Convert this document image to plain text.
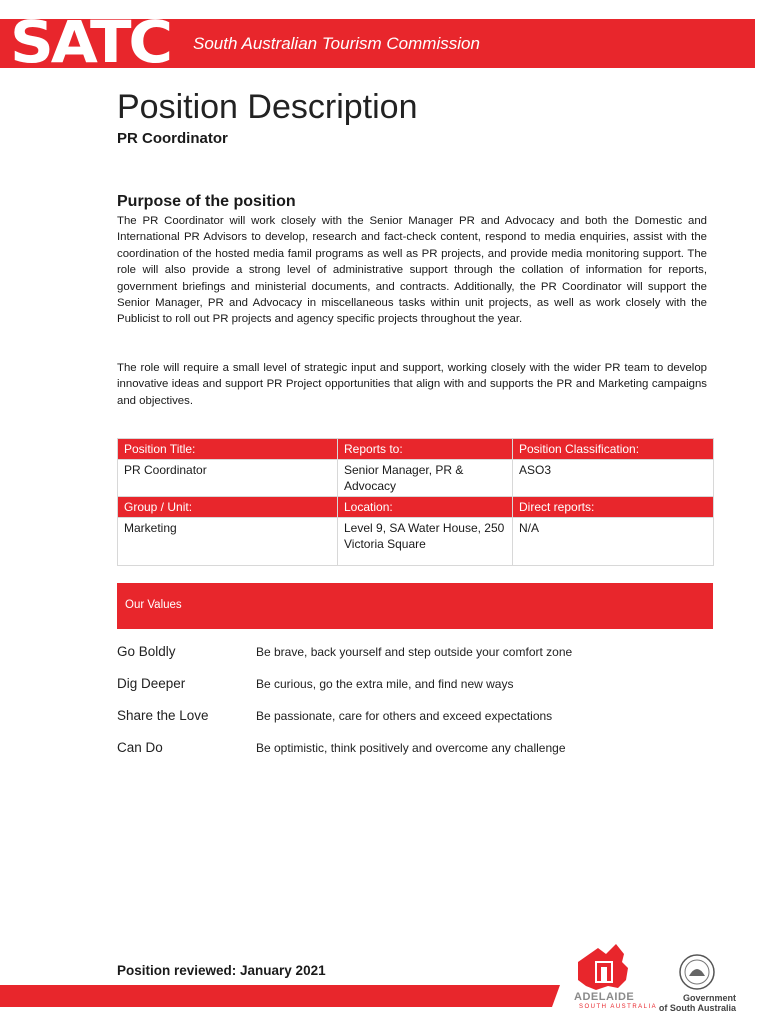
SATC South Australian Tourism Commission
Position Description
PR Coordinator
Purpose of the position

The PR Coordinator will work closely with the Senior Manager PR and Advocacy and both the Domestic and International PR Advisors to develop, research and fact-check content, respond to media enquiries, assist with the coordination of the hosted media famil programs as well as PR projects, and provide media monitoring support. The role will also provide a strong level of administrative support through the collation of information for reports, government briefings and ministerial documents, and contracts. Additionally, the PR Coordinator will support the Senior Manager, PR and Advocacy in miscellaneous tasks within unit projects, as well as work closely with the Publicist to roll out PR projects and agency specific projects throughout the year.

The role will require a small level of strategic input and support, working closely with the wider PR team to develop innovative ideas and support PR Project opportunities that align with and supports the PR and Marketing campaigns and objectives.

Position Title:	Reports to:	Position Classification:
PR Coordinator	Senior Manager, PR & Advocacy	ASO3
Group / Unit:	Location:	Direct reports:
Marketing	Level 9, SA Water House, 250 Victoria Square	N/A
Our Values
Go Boldly	Be brave, back yourself and step outside your comfort zone
Dig Deeper	Be curious, go the extra mile, and find new ways
Share the Love	Be passionate, care for others and exceed expectations
Can Do	Be optimistic, think positively and overcome any challenge

Position reviewed: January 2021

ADELAIDE
SOUTH AUSTRALIA
Government
of South Australia
